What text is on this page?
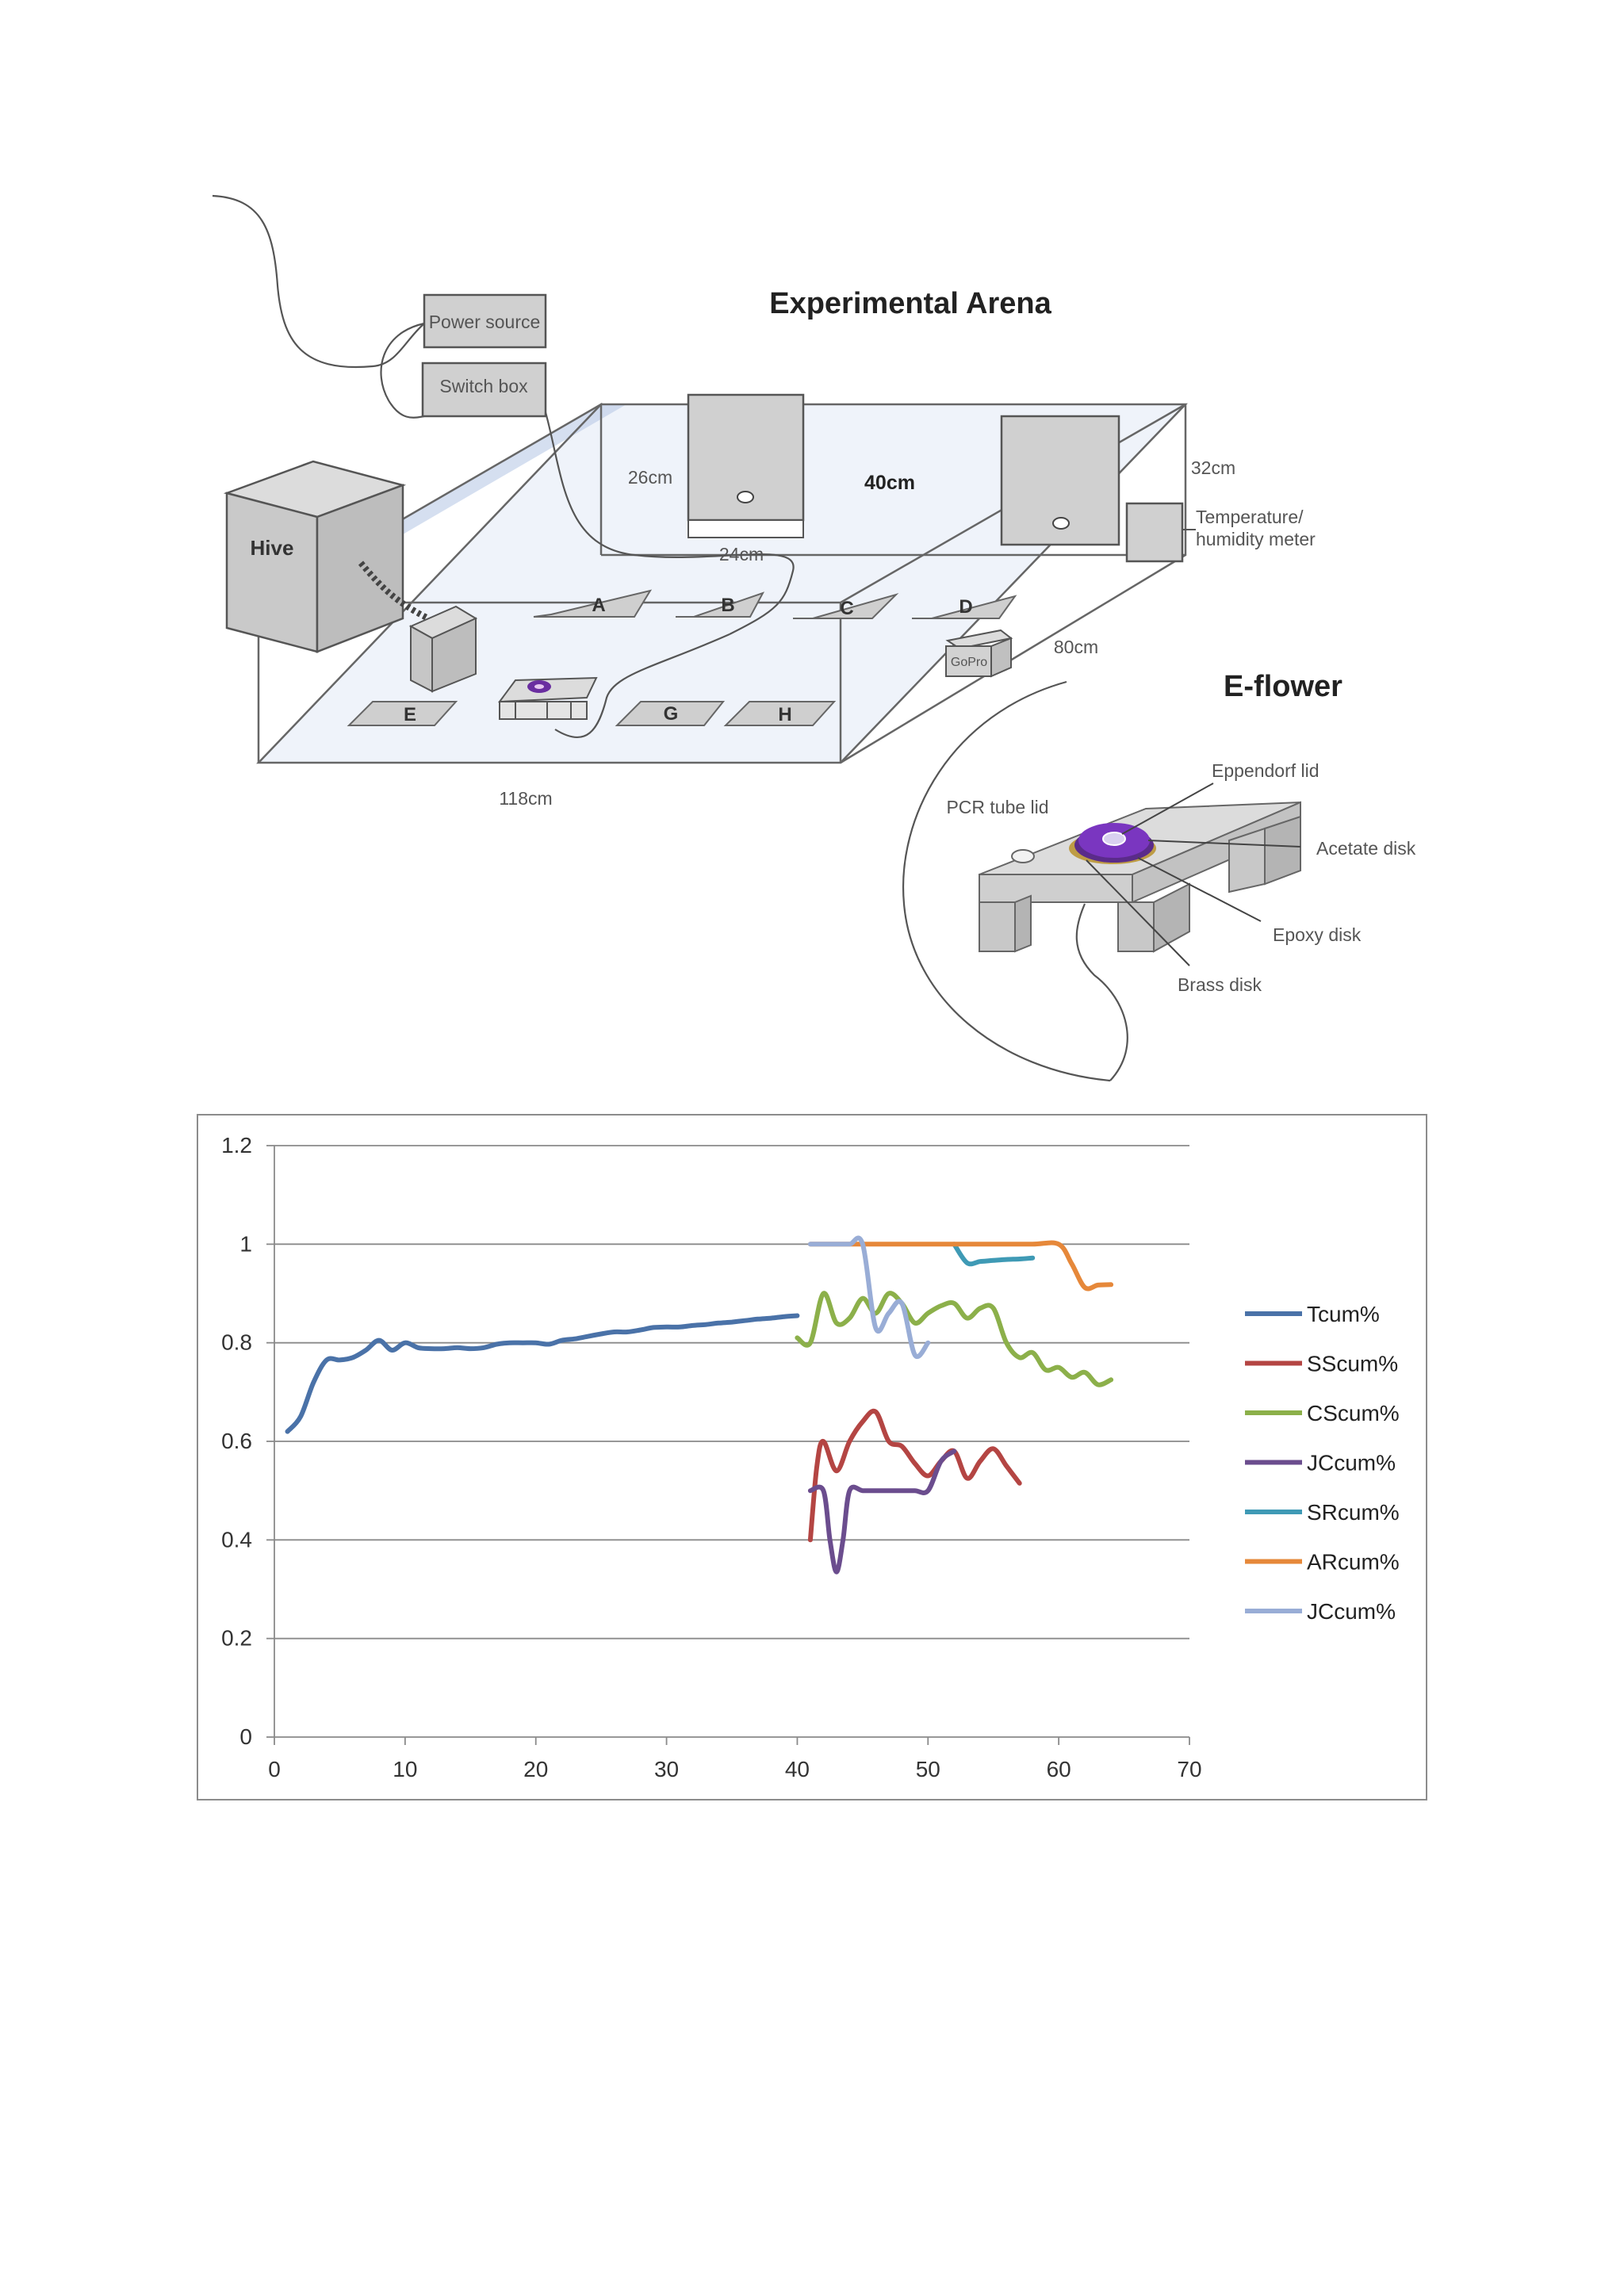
Power source
Switch box
Experimental Arena
26cm	40cm
24cm
32cm
Temperature/
humidity meter
Hive
A	B	C	D
E	G	H
GoPro
80cm
118cm
E-flower
Eppendorf lid
PCR tube lid
Acetate disk
Epoxy disk
Brass disk
0
0.2
0.4
0.6
0.8
1
1.2
0	10	20	30	40	50	60	70
Tcum%
SScum%
CScum%
JCcum%
SRcum%
ARcum%
JCcum%
